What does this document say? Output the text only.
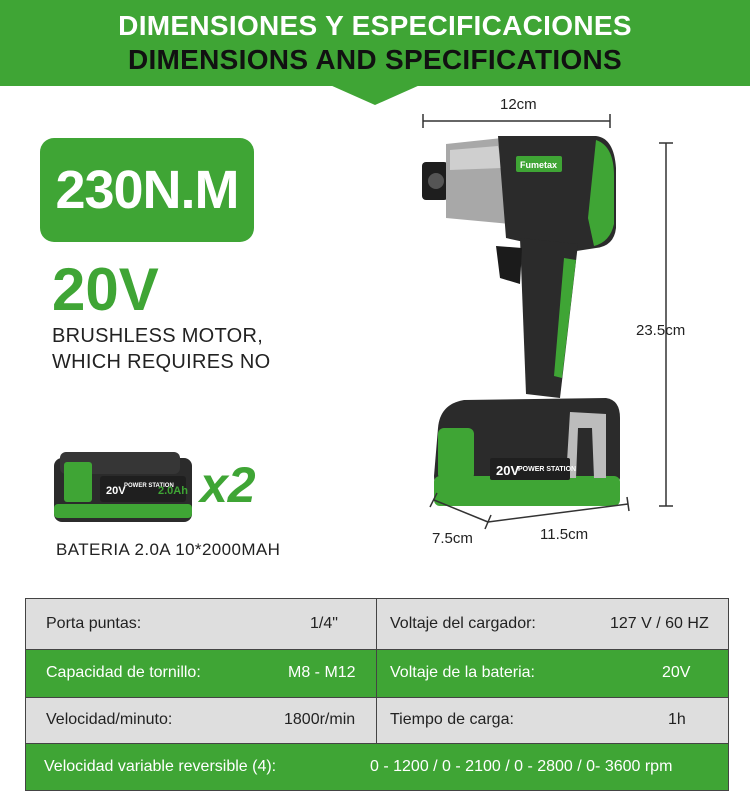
DIMENSIONES Y ESPECIFICACIONES
DIMENSIONS AND SPECIFICATIONS
230N.M
20V
BRUSHLESS MOTOR,
WHICH REQUIRES NO
20V
POWER STATION
2.0Ah x2
BATERIA 2.0A 10*2000MAH
Fumetax
20V
POWER STATION
12cm
23.5cm
7.5cm	11.5cm
Porta puntas:	1/4"	Voltaje del cargador:	127 V / 60 HZ
Capacidad de tornillo:	M8 - M12 Voltaje de la bateria:	20V
Velocidad/minuto:	1800r/min Tiempo de carga:	1h
Velocidad variable reversible (4):	0 - 1200 / 0 - 2100 / 0 - 2800 / 0- 3600 rpm
